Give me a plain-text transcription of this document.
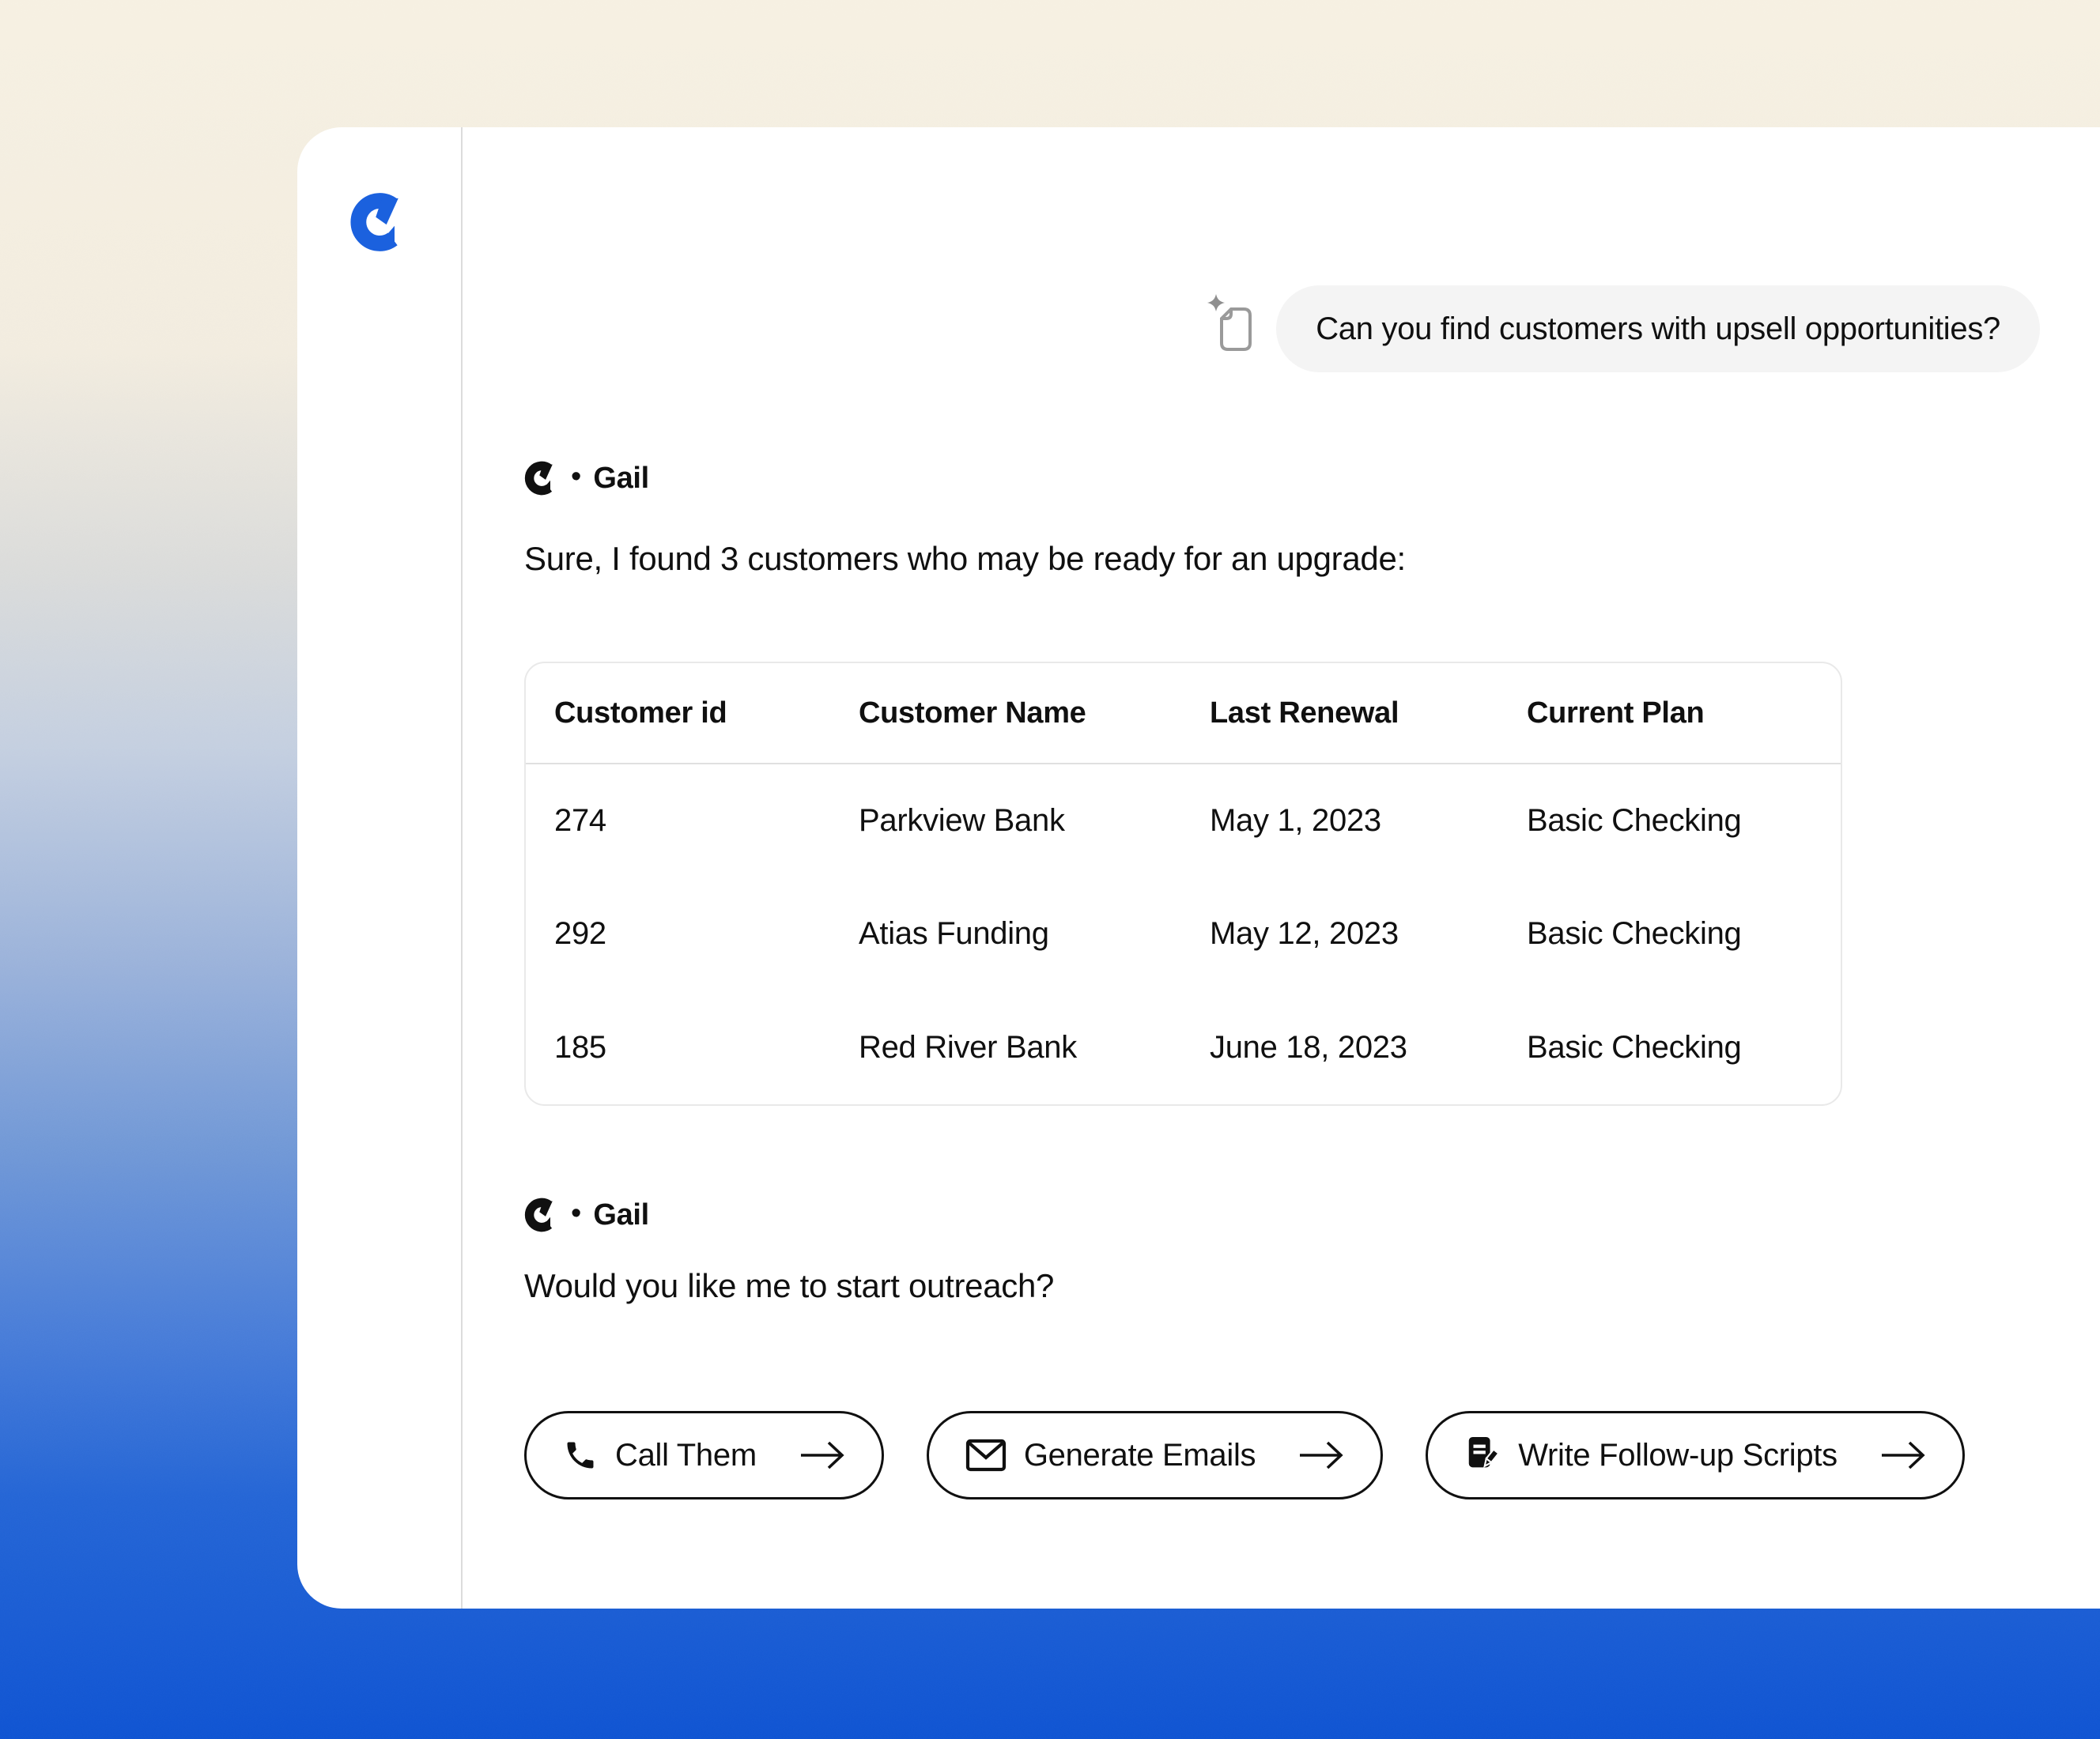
Can you find customers with upsell opportunities?
• Gail

Sure, I found 3 customers who may be ready for an upgrade:

Customer id	Customer Name	Last Renewal	Current Plan
274	Parkview Bank	May 1, 2023	Basic Checking
292	Atias Funding	May 12, 2023	Basic Checking
185	Red River Bank	June 18, 2023	Basic Checking
• Gail

Would you like me to start outreach?

Call Them	Generate Emails	Write Follow-up Scripts
